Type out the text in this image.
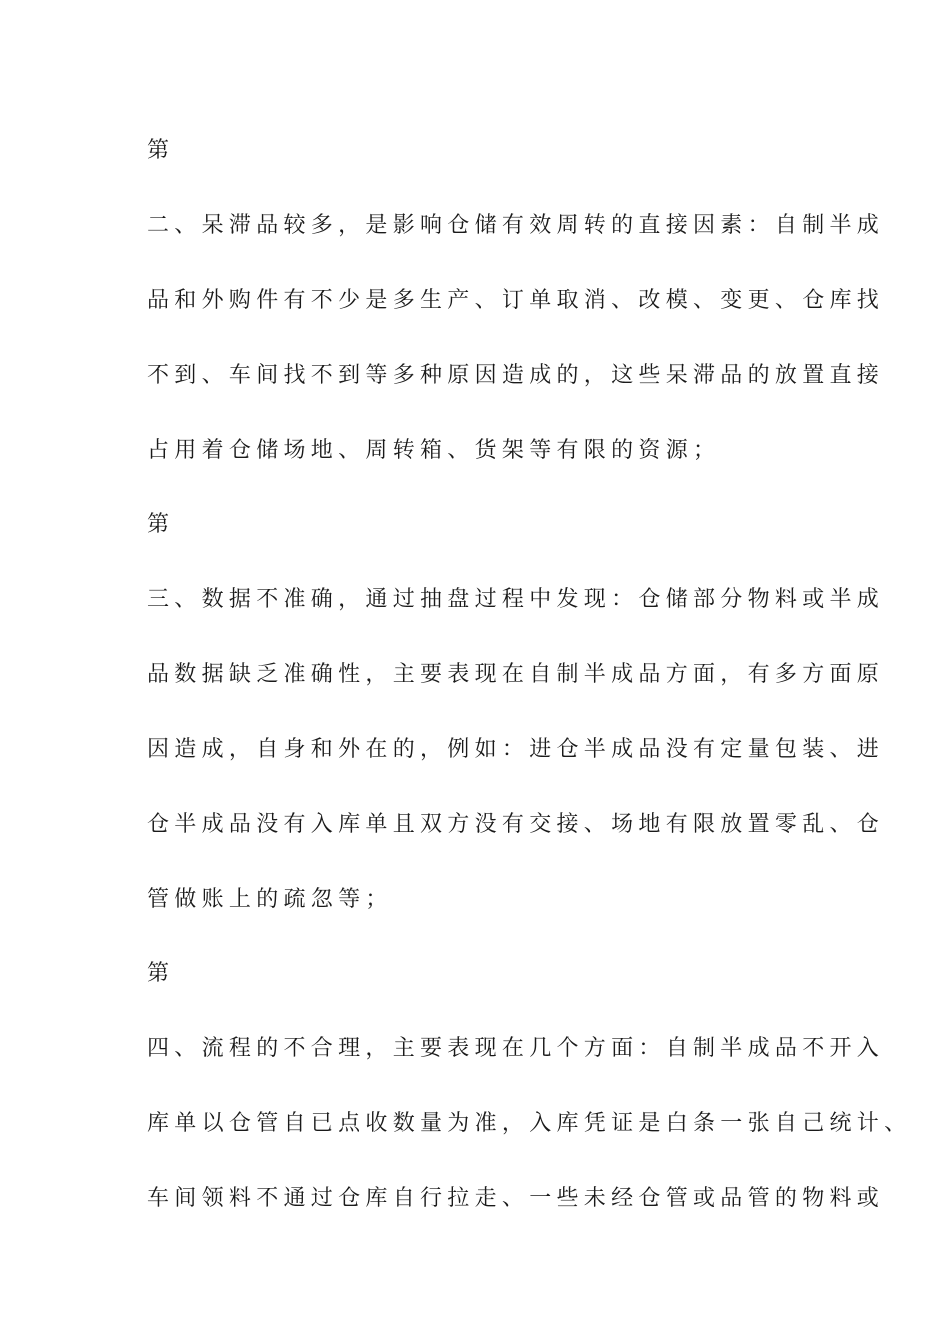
第
二、呆滞品较多，是影响仓储有效周转的直接因素：自制半成
品和外购件有不少是多生产、订单取消、改模、变更、仓库找
不到、车间找不到等多种原因造成的，这些呆滞品的放置直接
占用着仓储场地、周转箱、货架等有限的资源；
第
三、数据不准确，通过抽盘过程中发现：仓储部分物料或半成
品数据缺乏准确性，主要表现在自制半成品方面，有多方面原
因造成，自身和外在的，例如：进仓半成品没有定量包装、进
仓半成品没有入库单且双方没有交接、场地有限放置零乱、仓
管做账上的疏忽等；
第
四、流程的不合理，主要表现在几个方面：自制半成品不开入
库单以仓管自已点收数量为准，入库凭证是白条一张自己统计、
车间领料不通过仓库自行拉走、一些未经仓管或品管的物料或
